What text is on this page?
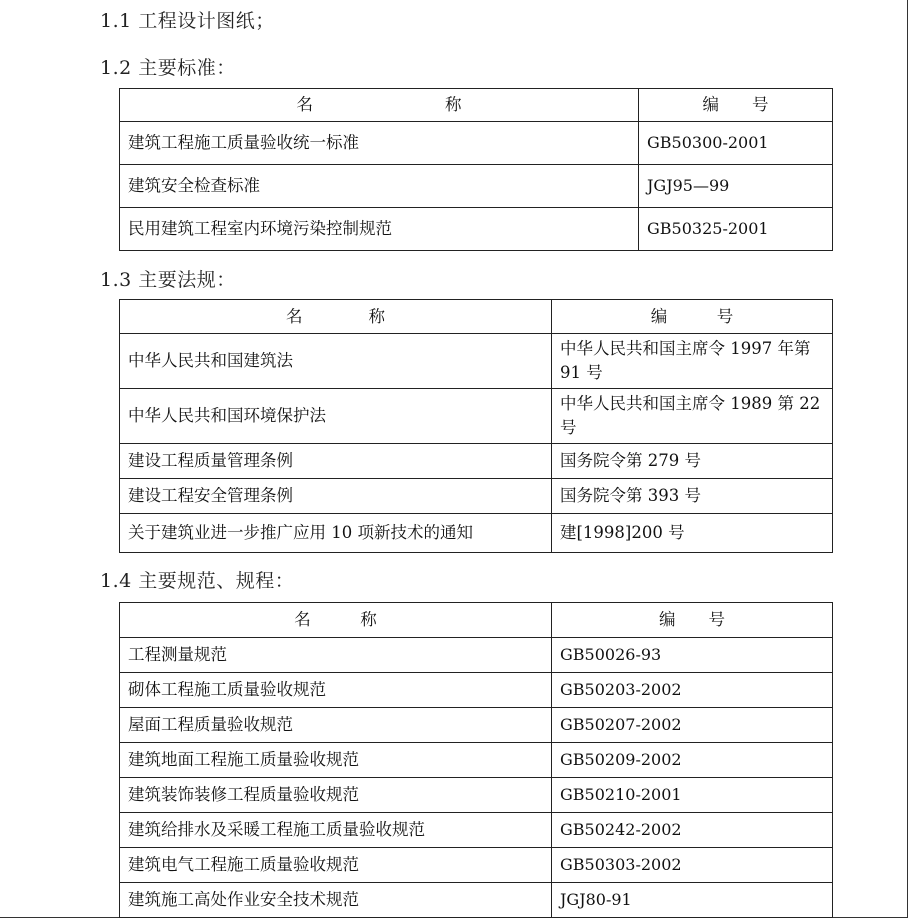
1.1 工程设计图纸；
1.2 主要标准：
名　　　　　　　　称	编　　号
建筑工程施工质量验收统一标准	GB50300-2001
建筑安全检查标准	JGJ95—99
民用建筑工程室内环境污染控制规范	GB50325-2001
1.3 主要法规：
名　　　　称	编　　　号
中华人民共和国建筑法	中华人民共和国主席令 1997 年第 91 号
中华人民共和国环境保护法	中华人民共和国主席令 1989 第 22 号
建设工程质量管理条例	国务院令第 279 号
建设工程安全管理条例	国务院令第 393 号
关于建筑业进一步推广应用 10 项新技术的通知	建[1998]200 号
1.4 主要规范、规程：
名　　　称	编　　号
工程测量规范	GB50026-93
砌体工程施工质量验收规范	GB50203-2002
屋面工程质量验收规范	GB50207-2002
建筑地面工程施工质量验收规范	GB50209-2002
建筑装饰装修工程质量验收规范	GB50210-2001
建筑给排水及采暖工程施工质量验收规范	GB50242-2002
建筑电气工程施工质量验收规范	GB50303-2002
建筑施工高处作业安全技术规范	JGJ80-91
